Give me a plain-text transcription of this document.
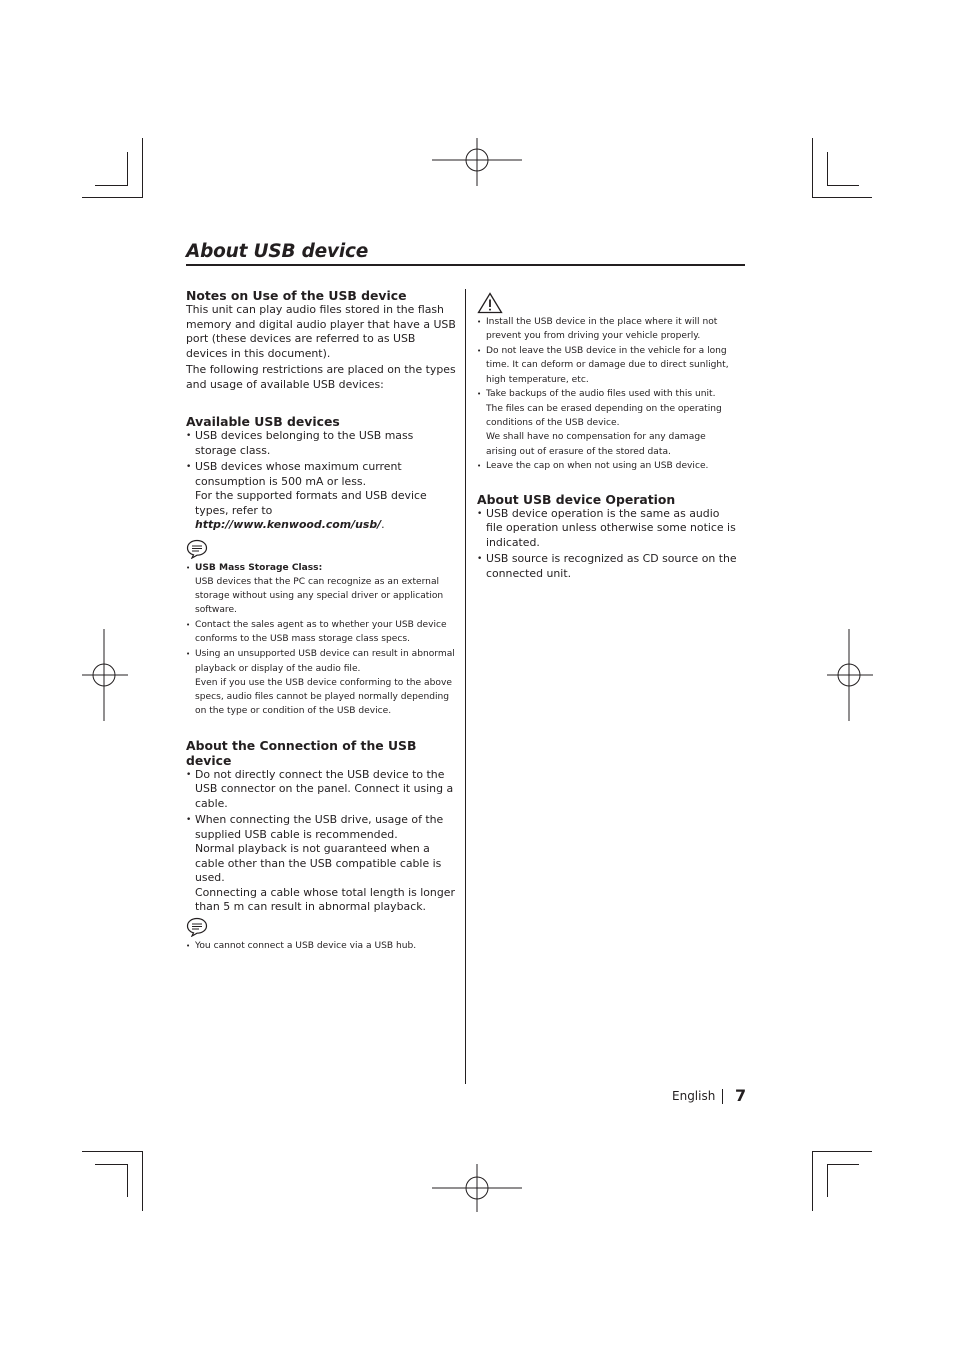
About USB device
Notes on Use of the USB device

This unit can play audio files stored in the flash memory and digital audio player that have a USB port (these devices are referred to as USB devices in this document).

The following restrictions are placed on the types and usage of available USB devices:

Available USB devices
• USB devices belonging to the USB mass storage class.
• USB devices whose maximum current consumption is 500 mA or less.
For the supported formats and USB device types, refer to http://www.kenwood.com/usb/.
• USB Mass Storage Class:
USB devices that the PC can recognize as an external storage without using any special driver or application software.
• Contact the sales agent as to whether your USB device conforms to the USB mass storage class specs.
• Using an unsupported USB device can result in abnormal playback or display of the audio file.
Even if you use the USB device conforming to the above specs, audio files cannot be played normally depending on the type or condition of the USB device.
About the Connection of the USB device
• Do not directly connect the USB device to the USB connector on the panel. Connect it using a cable.
• When connecting the USB drive, usage of the supplied USB cable is recommended.
Normal playback is not guaranteed when a cable other than the USB compatible cable is used.
Connecting a cable whose total length is longer than 5 m can result in abnormal playback.
• You cannot connect a USB device via a USB hub.
• Install the USB device in the place where it will not prevent you from driving your vehicle properly.
• Do not leave the USB device in the vehicle for a long time. It can deform or damage due to direct sunlight, high temperature, etc.
• Take backups of the audio files used with this unit.
The files can be erased depending on the operating conditions of the USB device.
We shall have no compensation for any damage arising out of erasure of the stored data.
• Leave the cap on when not using an USB device.
About USB device Operation
• USB device operation is the same as audio file operation unless otherwise some notice is indicated.
• USB source is recognized as CD source on the connected unit.
English 7
